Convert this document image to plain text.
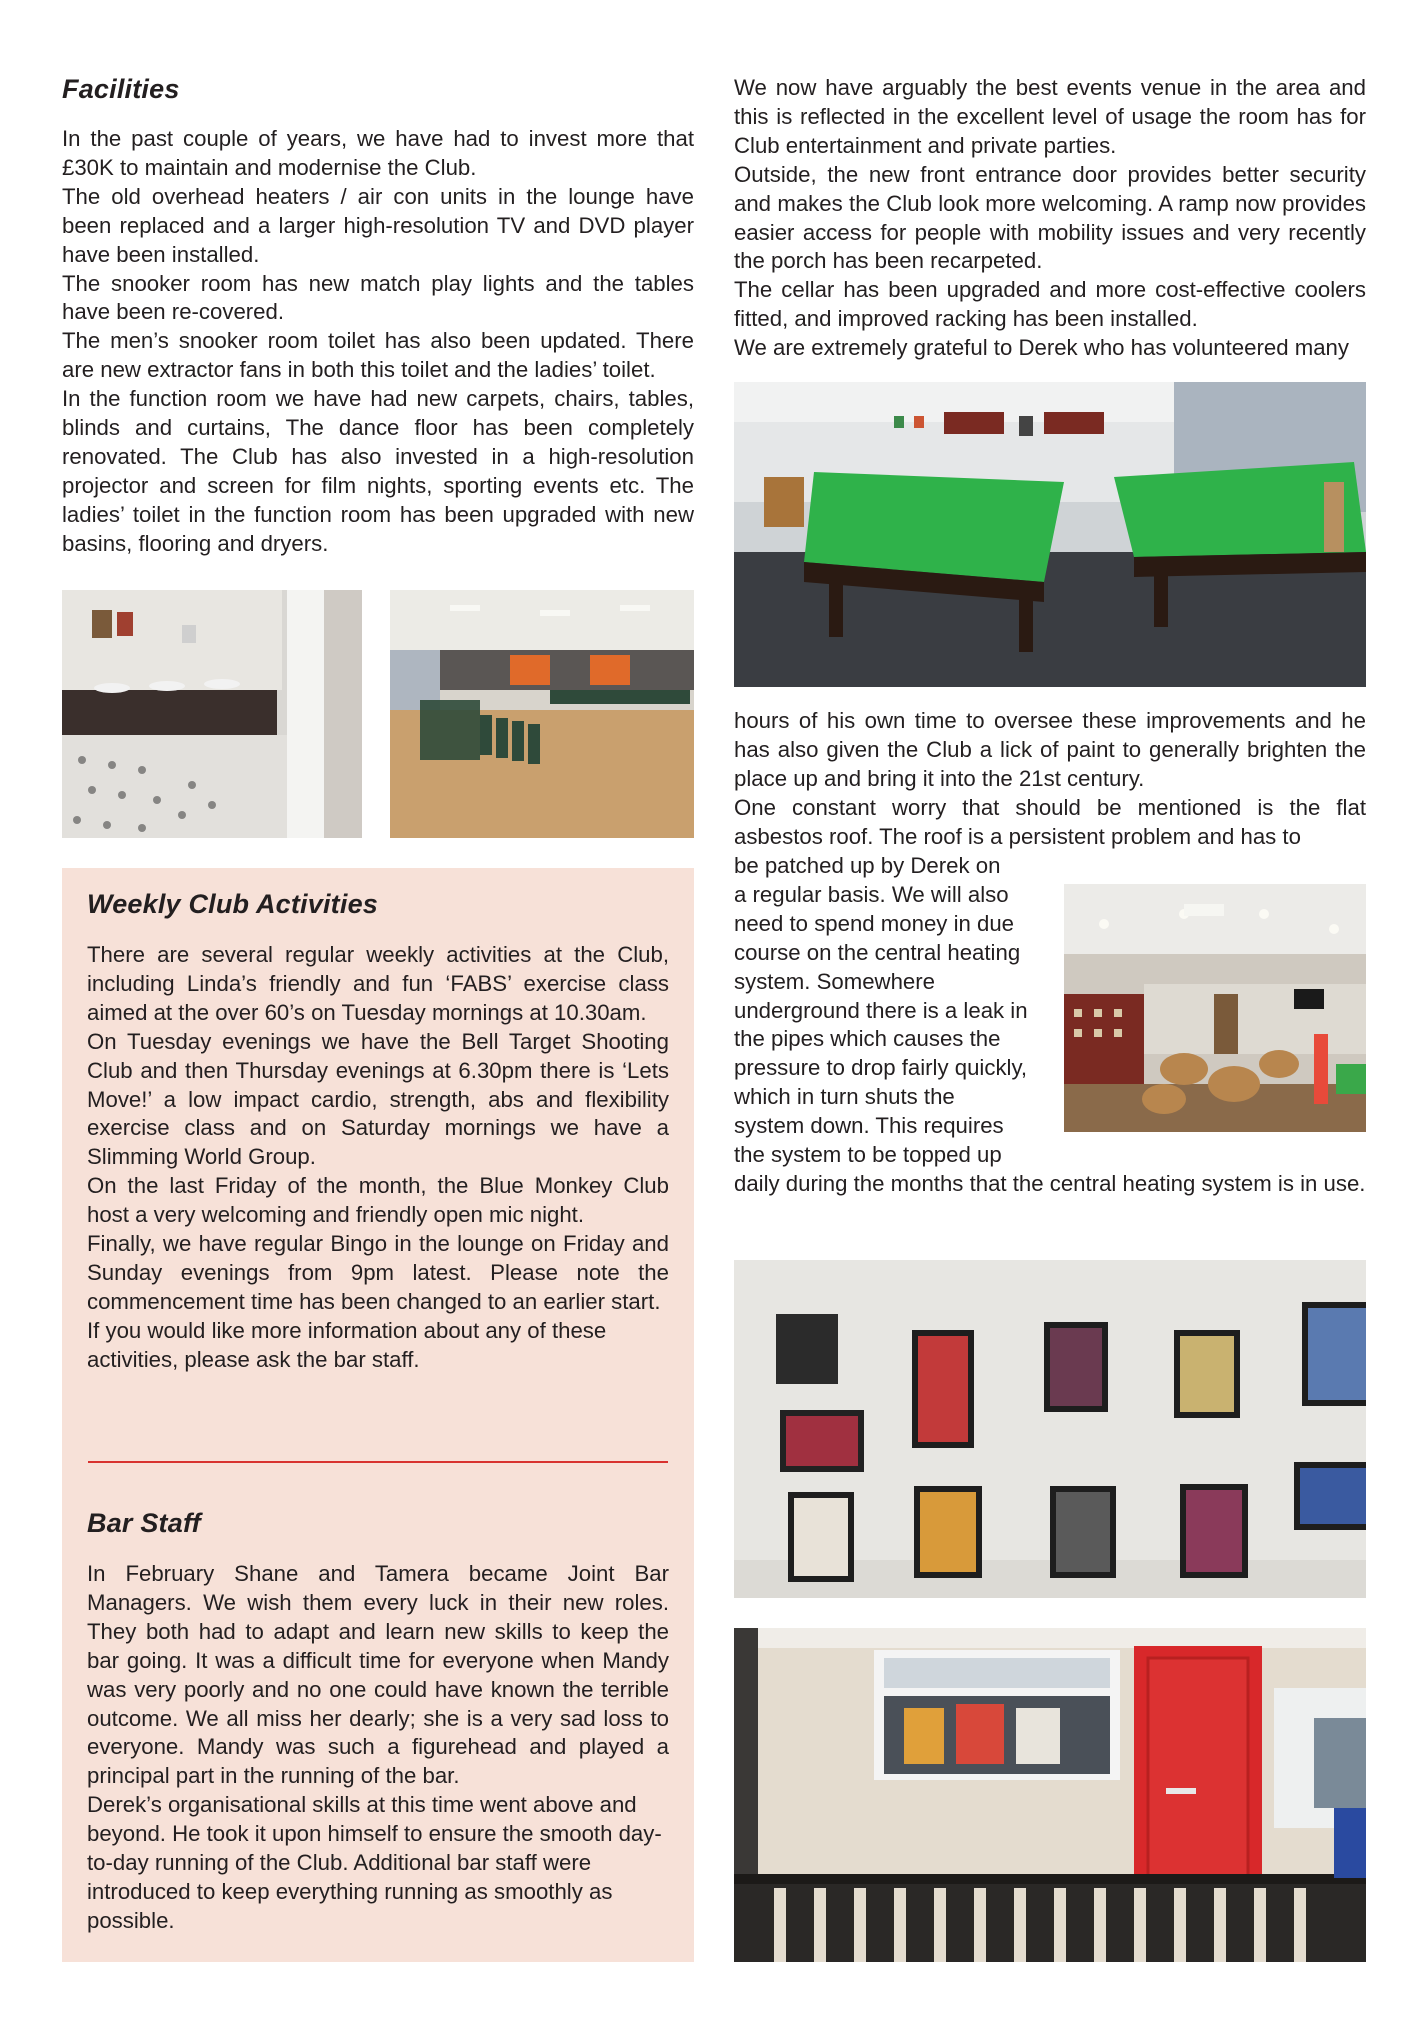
Facilities

In the past couple of years, we have had to invest more that £30K to maintain and modernise the Club.

The old overhead heaters / air con units in the lounge have been replaced and a larger high-resolution TV and DVD player have been installed.

The snooker room has new match play lights and the tables have been re-covered.

The men’s snooker room toilet has also been updated. There are new extractor fans in both this toilet and the ladies’ toilet.

In the function room we have had new carpets, chairs, tables, blinds and curtains, The dance floor has been completely renovated. The Club has also invested in a high-resolution projector and screen for film nights, sporting events etc. The ladies’ toilet in the function room has been upgraded with new basins, flooring and dryers.

We now have arguably the best events venue in the area and this is reflected in the excellent level of usage the room has for Club entertainment and private parties.

Outside, the new front entrance door provides better security and makes the Club look more welcoming. A ramp now provides easier access for people with mobility issues and very recently the porch has been recarpeted.

The cellar has been upgraded and more cost-effective coolers fitted, and improved racking has been installed.

We are extremely grateful to Derek who has volunteered many

hours of his own time to oversee these improvements and he has also given the Club a lick of paint to generally brighten the place up and bring it into the 21st century.

One constant worry that should be mentioned is the flat asbestos roof. The roof is a persistent problem and has to

be patched up by Derek on

a regular basis. We will also

need to spend money in due

course on the central heating

system. Somewhere

underground there is a leak in

the pipes which causes the

pressure to drop fairly quickly,

which in turn shuts the

system down. This requires

the system to be topped up

daily during the months that the central heating system is in use.

Weekly Club Activities

There are several regular weekly activities at the Club, including Linda’s friendly and fun ‘FABS’ exercise class aimed at the over 60’s on Tuesday mornings at 10.30am.

On Tuesday evenings we have the Bell Target Shooting Club and then Thursday evenings at 6.30pm there is ‘Lets Move!’ a low impact cardio, strength, abs and flexibility exercise class and on Saturday mornings we have a Slimming World Group.

On the last Friday of the month, the Blue Monkey Club host a very welcoming and friendly open mic night.

Finally, we have regular Bingo in the lounge on Friday and Sunday evenings from 9pm latest. Please note the commencement time has been changed to an earlier start.

If you would like more information about any of these activities, please ask the bar staff.

Bar Staff

In February Shane and Tamera became Joint Bar Managers. We wish them every luck in their new roles. They both had to adapt and learn new skills to keep the bar going. It was a difficult time for everyone when Mandy was very poorly and no one could have known the terrible outcome. We all miss her dearly; she is a very sad loss to everyone. Mandy was such a figurehead and played a principal part in the running of the bar.

Derek’s organisational skills at this time went above and beyond. He took it upon himself to ensure the smooth day-to-day running of the Club. Additional bar staff were introduced to keep everything running as smoothly as possible.
